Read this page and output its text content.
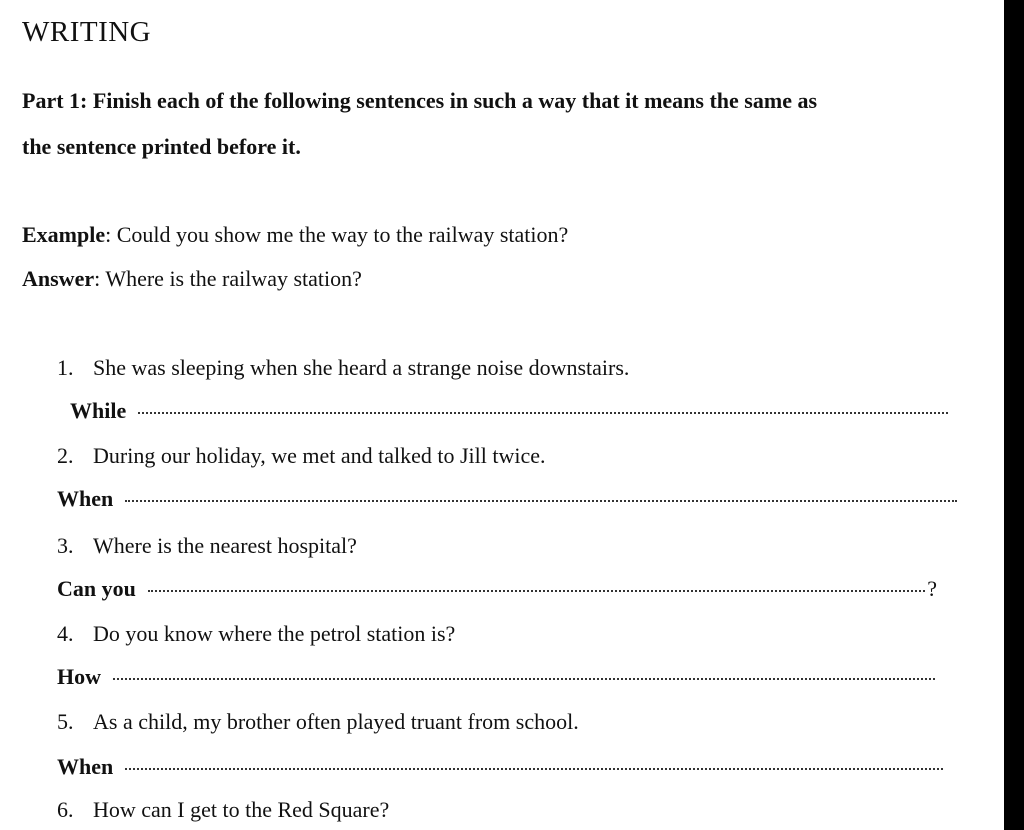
WRITING
Part 1: Finish each of the following sentences in such a way that it means the same as
the sentence printed before it.
Example: Could you show me the way to the railway station?
Answer: Where is the railway station?
1. She was sleeping when she heard a strange noise downstairs.
While
2. During our holiday, we met and talked to Jill twice.
When
3. Where is the nearest hospital?
Can you	?
4. Do you know where the petrol station is?
How
5. As a child, my brother often played truant from school.
When
6. How can I get to the Red Square?
